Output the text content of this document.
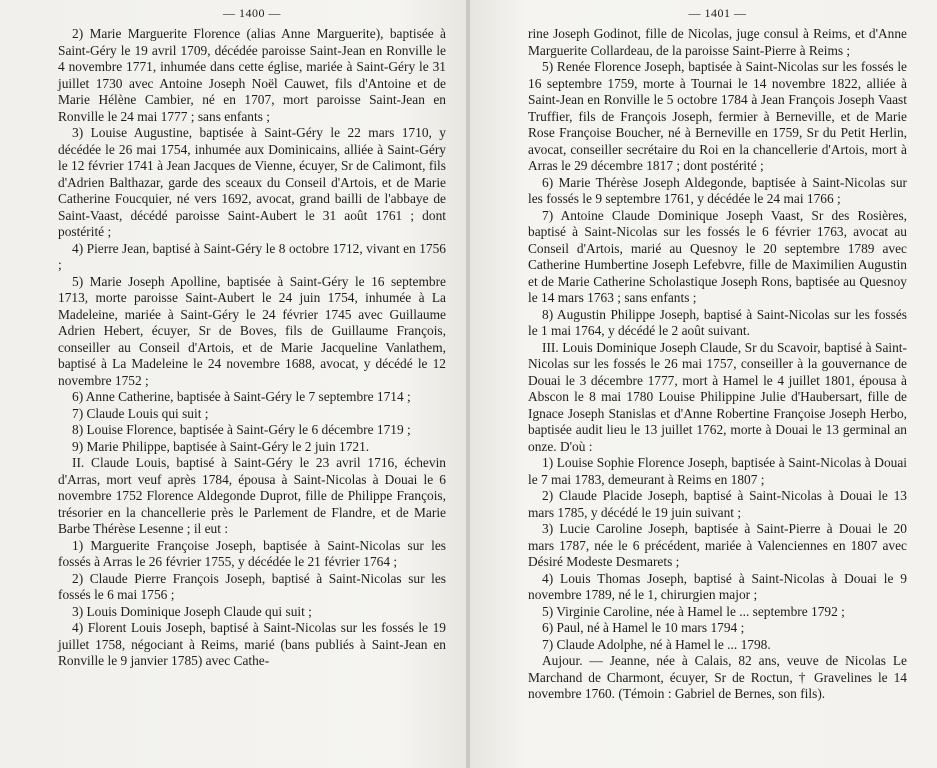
— 1400 —

2) Marie Marguerite Florence (alias Anne Marguerite), baptisée à Saint-Géry le 19 avril 1709, décédée paroisse Saint-Jean en Ronville le 4 novembre 1771, inhumée dans cette église, mariée à Saint-Géry le 31 juillet 1730 avec Antoine Joseph Noël Cauwet, fils d'Antoine et de Marie Hélène Cambier, né en 1707, mort paroisse Saint-Jean en Ronville le 24 mai 1777 ; sans enfants ;

3) Louise Augustine, baptisée à Saint-Géry le 22 mars 1710, y décédée le 26 mai 1754, inhumée aux Dominicains, alliée à Saint-Géry le 12 février 1741 à Jean Jacques de Vienne, écuyer, Sr de Calimont, fils d'Adrien Balthazar, garde des sceaux du Conseil d'Artois, et de Marie Catherine Foucquier, né vers 1692, avocat, grand bailli de l'abbaye de Saint-Vaast, décédé paroisse Saint-Aubert le 31 août 1761 ; dont postérité ;

4) Pierre Jean, baptisé à Saint-Géry le 8 octobre 1712, vivant en 1756 ;

5) Marie Joseph Apolline, baptisée à Saint-Géry le 16 septembre 1713, morte paroisse Saint-Aubert le 24 juin 1754, inhumée à La Madeleine, mariée à Saint-Géry le 24 février 1745 avec Guillaume Adrien Hebert, écuyer, Sr de Boves, fils de Guillaume François, conseiller au Conseil d'Artois, et de Marie Jacqueline Vanlathem, baptisé à La Madeleine le 24 novembre 1688, avocat, y décédé le 12 novembre 1752 ;

6) Anne Catherine, baptisée à Saint-Géry le 7 septembre 1714 ;

7) Claude Louis qui suit ;

8) Louise Florence, baptisée à Saint-Géry le 6 décembre 1719 ;

9) Marie Philippe, baptisée à Saint-Géry le 2 juin 1721.

II. Claude Louis, baptisé à Saint-Géry le 23 avril 1716, échevin d'Arras, mort veuf après 1784, épousa à Saint-Nicolas à Douai le 6 novembre 1752 Florence Aldegonde Duprot, fille de Philippe François, trésorier en la chancellerie près le Parlement de Flandre, et de Marie Barbe Thérèse Lesenne ; il eut :

1) Marguerite Françoise Joseph, baptisée à Saint-Nicolas sur les fossés à Arras le 26 février 1755, y décédée le 21 février 1764 ;

2) Claude Pierre François Joseph, baptisé à Saint-Nicolas sur les fossés le 6 mai 1756 ;

3) Louis Dominique Joseph Claude qui suit ;

4) Florent Louis Joseph, baptisé à Saint-Nicolas sur les fossés le 19 juillet 1758, négociant à Reims, marié (bans publiés à Saint-Jean en Ronville le 9 janvier 1785) avec Cathe-

— 1401 —

rine Joseph Godinot, fille de Nicolas, juge consul à Reims, et d'Anne Marguerite Collardeau, de la paroisse Saint-Pierre à Reims ;

5) Renée Florence Joseph, baptisée à Saint-Nicolas sur les fossés le 16 septembre 1759, morte à Tournai le 14 novembre 1822, alliée à Saint-Jean en Ronville le 5 octobre 1784 à Jean François Joseph Vaast Truffier, fils de François Joseph, fermier à Berneville, et de Marie Rose Françoise Boucher, né à Berneville en 1759, Sr du Petit Herlin, avocat, conseiller secrétaire du Roi en la chancellerie d'Artois, mort à Arras le 29 décembre 1817 ; dont postérité ;

6) Marie Thérèse Joseph Aldegonde, baptisée à Saint-Nicolas sur les fossés le 9 septembre 1761, y décédée le 24 mai 1766 ;

7) Antoine Claude Dominique Joseph Vaast, Sr des Rosières, baptisé à Saint-Nicolas sur les fossés le 6 février 1763, avocat au Conseil d'Artois, marié au Quesnoy le 20 septembre 1789 avec Catherine Humbertine Joseph Lefebvre, fille de Maximilien Augustin et de Marie Catherine Scholastique Joseph Rons, baptisée au Quesnoy le 14 mars 1763 ; sans enfants ;

8) Augustin Philippe Joseph, baptisé à Saint-Nicolas sur les fossés le 1 mai 1764, y décédé le 2 août suivant.

III. Louis Dominique Joseph Claude, Sr du Scavoir, baptisé à Saint-Nicolas sur les fossés le 26 mai 1757, conseiller à la gouvernance de Douai le 3 décembre 1777, mort à Hamel le 4 juillet 1801, épousa à Abscon le 8 mai 1780 Louise Philippine Julie d'Haubersart, fille de Ignace Joseph Stanislas et d'Anne Robertine Françoise Joseph Herbo, baptisée audit lieu le 13 juillet 1762, morte à Douai le 13 germinal an onze. D'où :

1) Louise Sophie Florence Joseph, baptisée à Saint-Nicolas à Douai le 7 mai 1783, demeurant à Reims en 1807 ;

2) Claude Placide Joseph, baptisé à Saint-Nicolas à Douai le 13 mars 1785, y décédé le 19 juin suivant ;

3) Lucie Caroline Joseph, baptisée à Saint-Pierre à Douai le 20 mars 1787, née le 6 précédent, mariée à Valenciennes en 1807 avec Désiré Modeste Desmarets ;

4) Louis Thomas Joseph, baptisé à Saint-Nicolas à Douai le 9 novembre 1789, né le 1, chirurgien major ;

5) Virginie Caroline, née à Hamel le ... septembre 1792 ;

6) Paul, né à Hamel le 10 mars 1794 ;

7) Claude Adolphe, né à Hamel le ... 1798.

Aujour. — Jeanne, née à Calais, 82 ans, veuve de Nicolas Le Marchand de Charmont, écuyer, Sr de Roctun, † Gravelines le 14 novembre 1760. (Témoin : Gabriel de Bernes, son fils).
